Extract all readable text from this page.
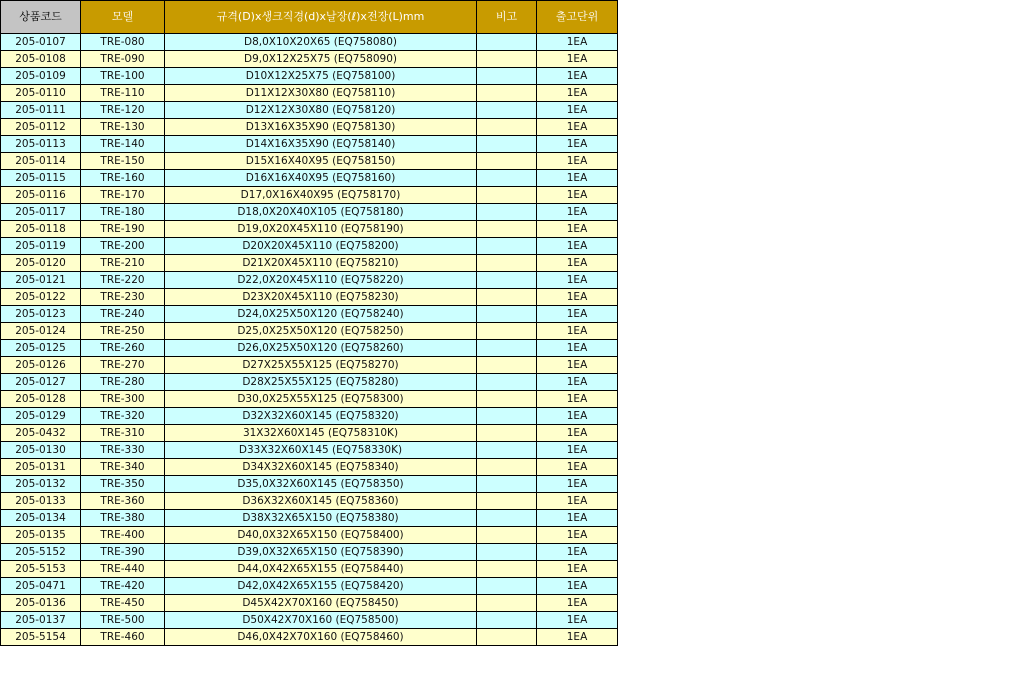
상품코드	모델	규격(D)x생크직경(d)x날장(ℓ)x전장(L)mm	비고	출고단위
205-0107	TRE-080	D8,0X10X20X65 (EQ758080)		1EA
205-0108	TRE-090	D9,0X12X25X75 (EQ758090)		1EA
205-0109	TRE-100	D10X12X25X75 (EQ758100)		1EA
205-0110	TRE-110	D11X12X30X80 (EQ758110)		1EA
205-0111	TRE-120	D12X12X30X80 (EQ758120)		1EA
205-0112	TRE-130	D13X16X35X90 (EQ758130)		1EA
205-0113	TRE-140	D14X16X35X90 (EQ758140)		1EA
205-0114	TRE-150	D15X16X40X95 (EQ758150)		1EA
205-0115	TRE-160	D16X16X40X95 (EQ758160)		1EA
205-0116	TRE-170	D17,0X16X40X95 (EQ758170)		1EA
205-0117	TRE-180	D18,0X20X40X105 (EQ758180)		1EA
205-0118	TRE-190	D19,0X20X45X110 (EQ758190)		1EA
205-0119	TRE-200	D20X20X45X110 (EQ758200)		1EA
205-0120	TRE-210	D21X20X45X110 (EQ758210)		1EA
205-0121	TRE-220	D22,0X20X45X110 (EQ758220)		1EA
205-0122	TRE-230	D23X20X45X110 (EQ758230)		1EA
205-0123	TRE-240	D24,0X25X50X120 (EQ758240)		1EA
205-0124	TRE-250	D25,0X25X50X120 (EQ758250)		1EA
205-0125	TRE-260	D26,0X25X50X120 (EQ758260)		1EA
205-0126	TRE-270	D27X25X55X125 (EQ758270)		1EA
205-0127	TRE-280	D28X25X55X125 (EQ758280)		1EA
205-0128	TRE-300	D30,0X25X55X125 (EQ758300)		1EA
205-0129	TRE-320	D32X32X60X145 (EQ758320)		1EA
205-0432	TRE-310	31X32X60X145 (EQ758310K)		1EA
205-0130	TRE-330	D33X32X60X145 (EQ758330K)		1EA
205-0131	TRE-340	D34X32X60X145 (EQ758340)		1EA
205-0132	TRE-350	D35,0X32X60X145 (EQ758350)		1EA
205-0133	TRE-360	D36X32X60X145 (EQ758360)		1EA
205-0134	TRE-380	D38X32X65X150 (EQ758380)		1EA
205-0135	TRE-400	D40,0X32X65X150 (EQ758400)		1EA
205-5152	TRE-390	D39,0X32X65X150 (EQ758390)		1EA
205-5153	TRE-440	D44,0X42X65X155 (EQ758440)		1EA
205-0471	TRE-420	D42,0X42X65X155 (EQ758420)		1EA
205-0136	TRE-450	D45X42X70X160 (EQ758450)		1EA
205-0137	TRE-500	D50X42X70X160 (EQ758500)		1EA
205-5154	TRE-460	D46,0X42X70X160 (EQ758460)		1EA
